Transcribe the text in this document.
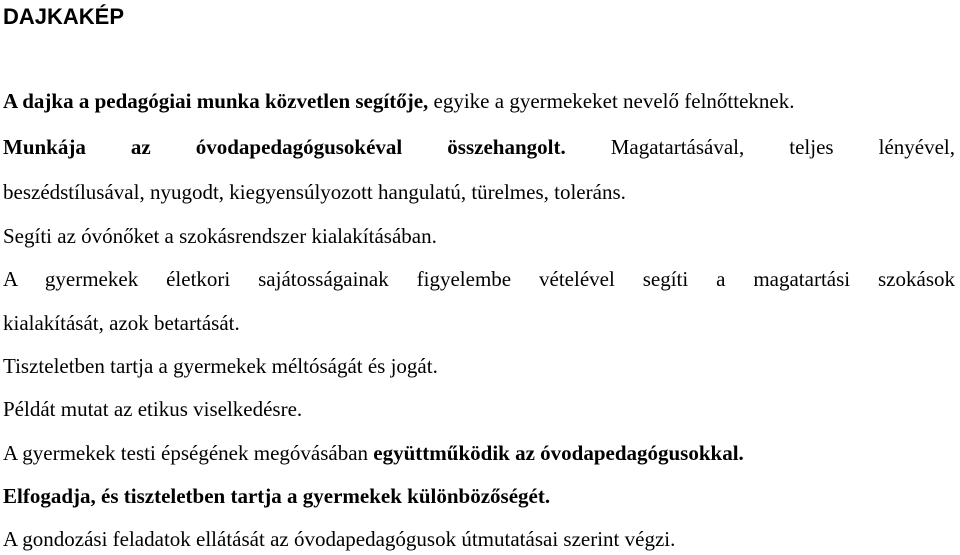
DAJKAKÉP
A dajka a pedagógiai munka közvetlen segítője, egyike a gyermekeket nevelő felnőtteknek.
Munkája az óvodapedagógusokéval összehangolt. Magatartásával, teljes lényével,
beszédstílusával, nyugodt, kiegyensúlyozott hangulatú, türelmes, toleráns.
Segíti az óvónőket a szokásrendszer kialakításában.
A gyermekek életkori sajátosságainak figyelembe vételével segíti a magatartási szokások
kialakítását, azok betartását.
Tiszteletben tartja a gyermekek méltóságát és jogát.
Példát mutat az etikus viselkedésre.
A gyermekek testi épségének megóvásában együttműködik az óvodapedagógusokkal.
Elfogadja, és tiszteletben tartja a gyermekek különbözőségét.
A gondozási feladatok ellátását az óvodapedagógusok útmutatásai szerint végzi.
